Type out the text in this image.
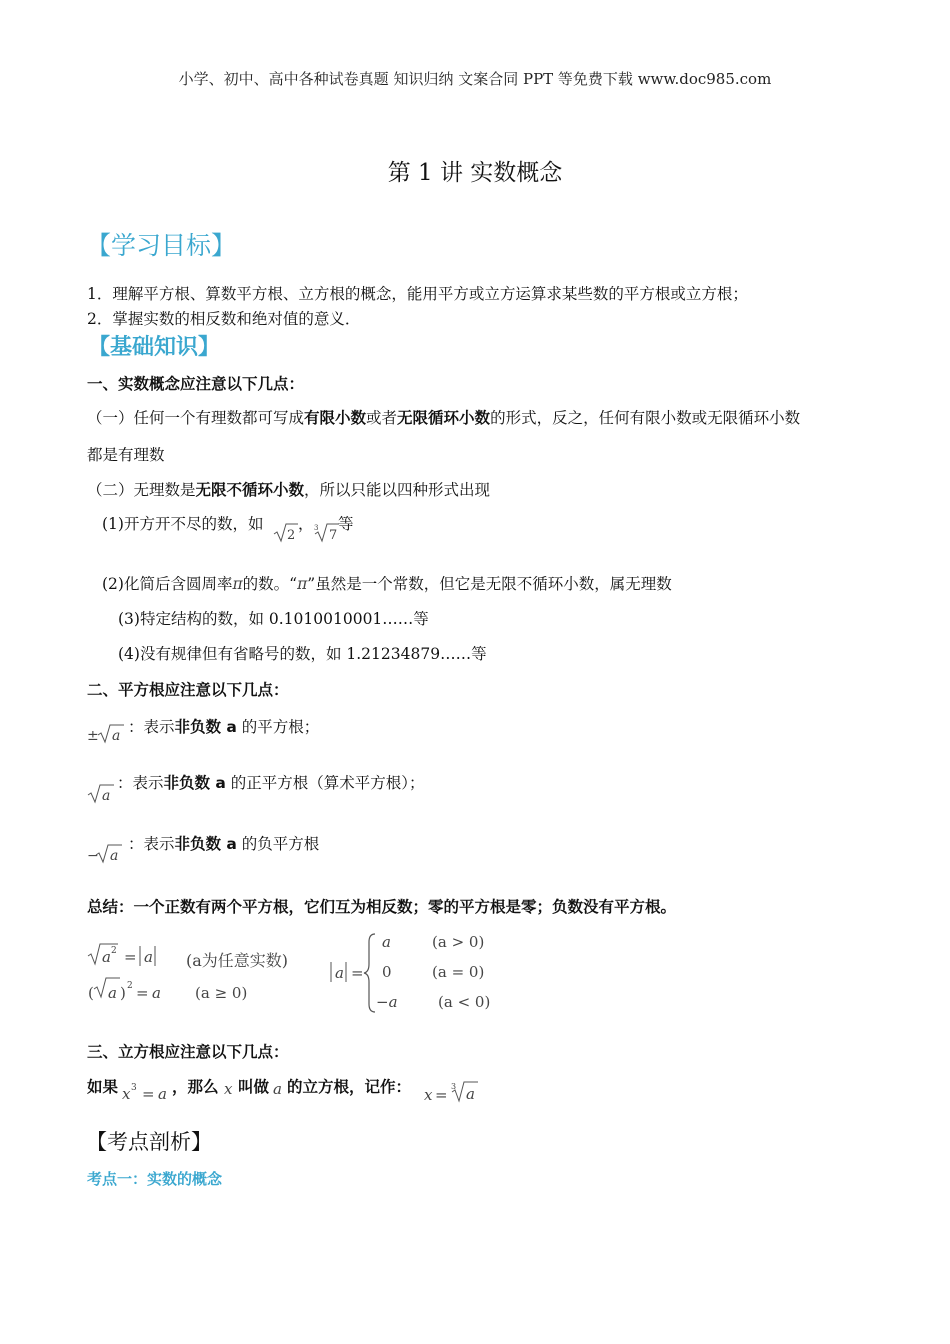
小学、初中、高中各种试卷真题 知识归纳 文案合同 PPT 等免费下载 www.doc985.com
第 1 讲 实数概念
【学习目标】
1．理解平方根、算数平方根、立方根的概念，能用平方或立方运算求某些数的平方根或立方根；
2．掌握实数的相反数和绝对值的意义．
【基础知识】
一、实数概念应注意以下几点：
（一）任何一个有理数都可写成有限小数或者无限循环小数的形式，反之，任何有限小数或无限循环小数
都是有理数
（二）无理数是无限不循环小数，所以只能以四种形式出现
(1)开方开不尽的数，如
2
， 3 7
等
(2)化简后含圆周率π的数。“π”虽然是一个常数，但它是无限不循环小数，属无理数
(3)特定结构的数，如 0.1010010001……等
(4)没有规律但有省略号的数，如 1.21234879……等
二、平方根应注意以下几点：
± a ：表示非负数 a 的平方根；
a
：表示非负数 a 的正平方根（算术平方根）；
− a
：表示非负数 a 的负平方根
总结：一个正数有两个平方根，它们互为相反数；零的平方根是零；负数没有平方根。
a 2 = a
( a ) 2 = a
(a为任意实数)
(a ≥ 0)
a =
a	(a > 0)
0	(a = 0)
−a	(a < 0)
三、立方根应注意以下几点：
如果 x 3 = a ，那么 x 叫做 a 的立方根，记作： x = 3 a
【考点剖析】
考点一：实数的概念
